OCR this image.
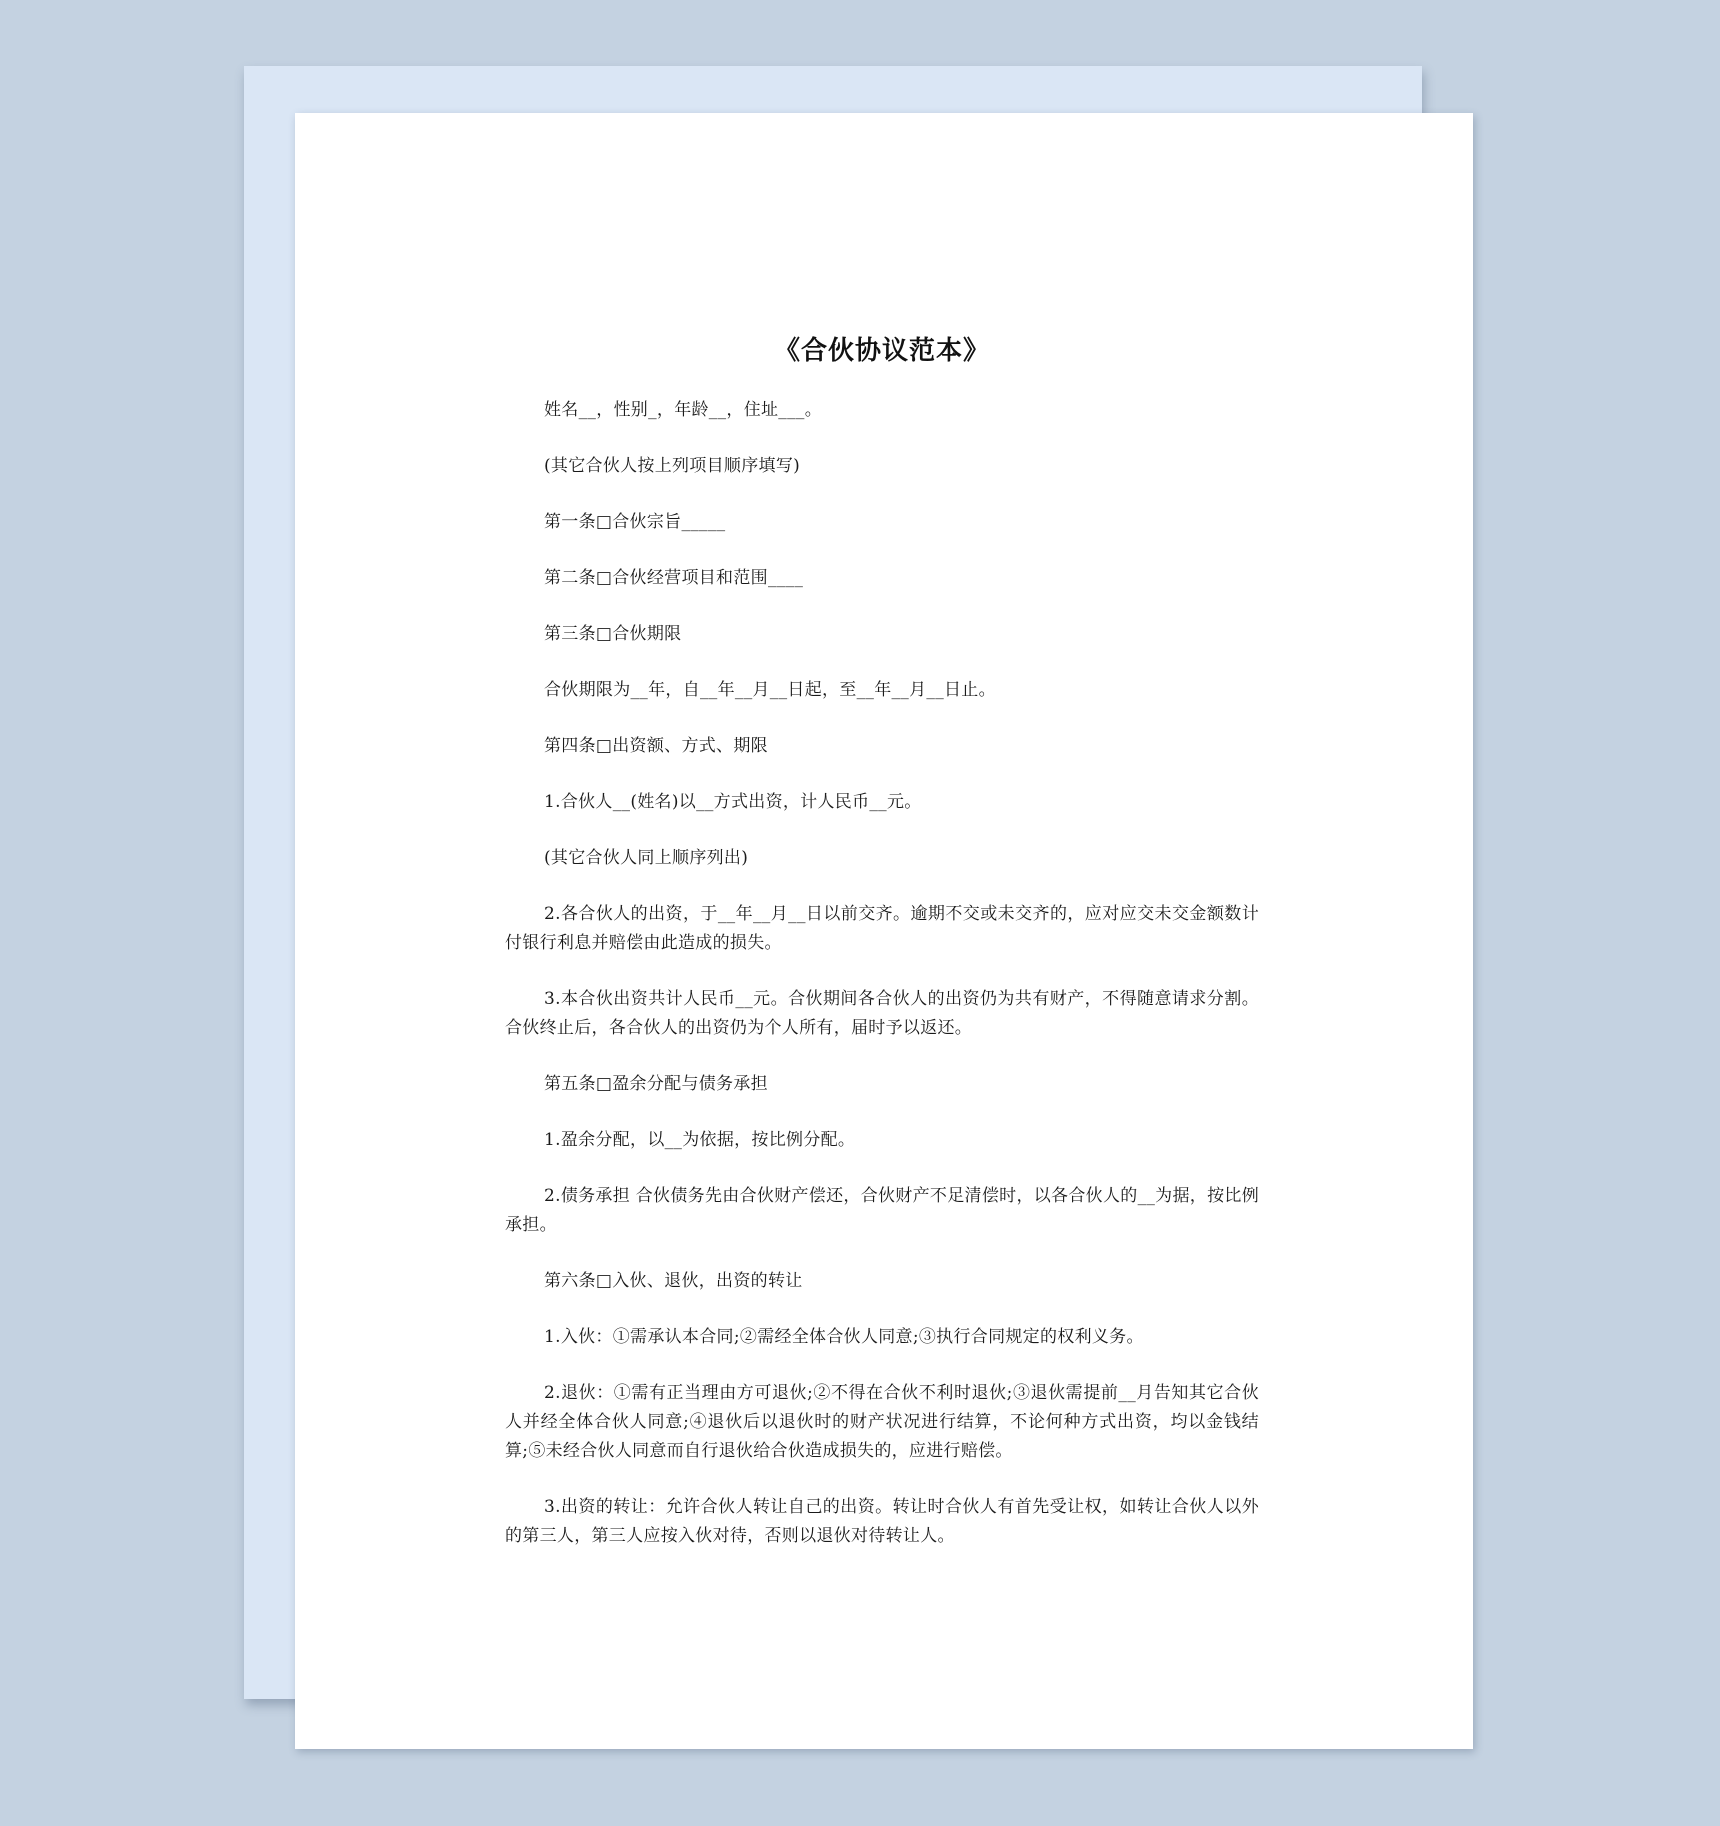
《合伙协议范本》

姓名__，性别_，年龄__，住址___。

(其它合伙人按上列项目顺序填写)

第一条□合伙宗旨_____

第二条□合伙经营项目和范围____

第三条□合伙期限

合伙期限为__年，自__年__月__日起，至__年__月__日止。

第四条□出资额、方式、期限

1.合伙人__(姓名)以__方式出资，计人民币__元。

(其它合伙人同上顺序列出)

2.各合伙人的出资，于__年__月__日以前交齐。逾期不交或未交齐的，应对应交未交金额数计付银行利息并赔偿由此造成的损失。

3.本合伙出资共计人民币__元。合伙期间各合伙人的出资仍为共有财产，不得随意请求分割。合伙终止后，各合伙人的出资仍为个人所有，届时予以返还。

第五条□盈余分配与债务承担

1.盈余分配，以__为依据，按比例分配。

2.债务承担 合伙债务先由合伙财产偿还，合伙财产不足清偿时，以各合伙人的__为据，按比例承担。

第六条□入伙、退伙，出资的转让

1.入伙：①需承认本合同;②需经全体合伙人同意;③执行合同规定的权利义务。

2.退伙：①需有正当理由方可退伙;②不得在合伙不利时退伙;③退伙需提前__月告知其它合伙人并经全体合伙人同意;④退伙后以退伙时的财产状况进行结算，不论何种方式出资，均以金钱结算;⑤未经合伙人同意而自行退伙给合伙造成损失的，应进行赔偿。

3.出资的转让：允许合伙人转让自己的出资。转让时合伙人有首先受让权，如转让合伙人以外的第三人，第三人应按入伙对待，否则以退伙对待转让人。
